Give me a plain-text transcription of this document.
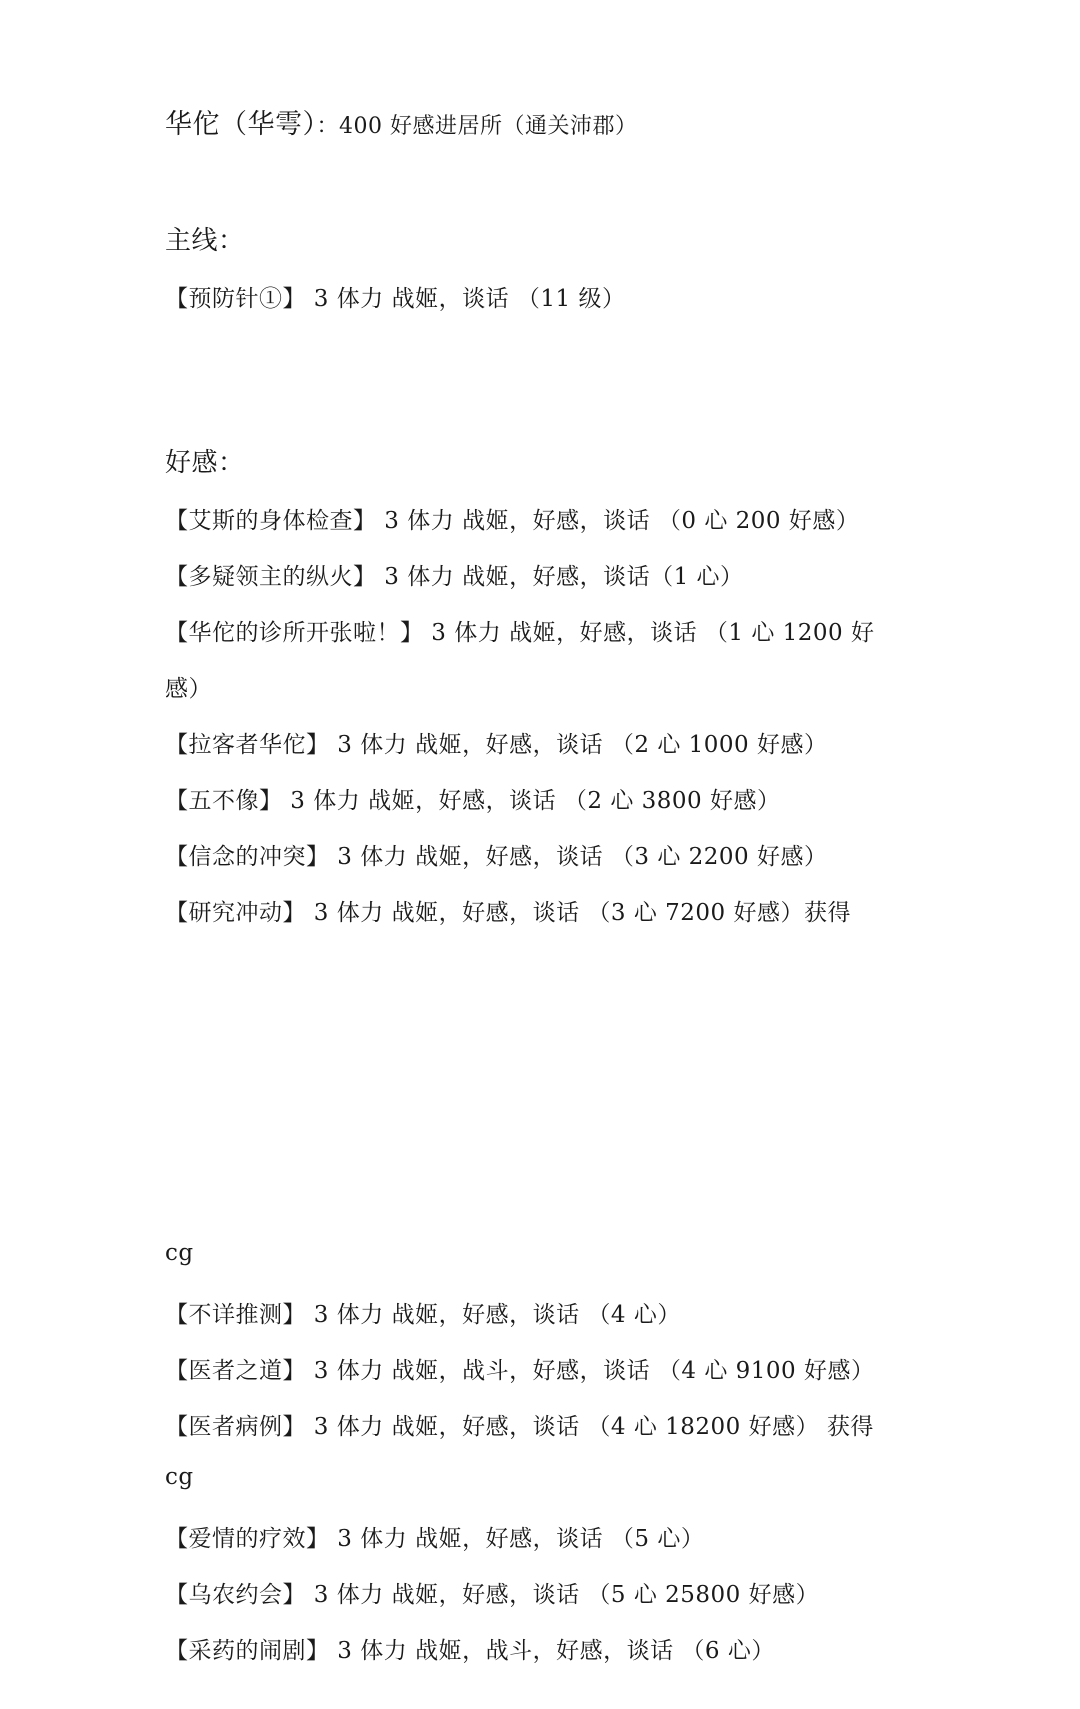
华佗（华雩）：400 好感进居所（通关沛郡）
主线：
【预防针①】 3 体力 战姬，谈话 （11 级）
好感：
【艾斯的身体检查】 3 体力 战姬，好感，谈话 （0 心 200 好感）
【多疑领主的纵火】 3 体力 战姬，好感，谈话（1 心）
【华佗的诊所开张啦！】 3 体力 战姬，好感，谈话 （1 心 1200 好
感）
【拉客者华佗】 3 体力 战姬，好感，谈话 （2 心 1000 好感）
【五不像】 3 体力 战姬，好感，谈话 （2 心 3800 好感）
【信念的冲突】 3 体力 战姬，好感，谈话 （3 心 2200 好感）
【研究冲动】 3 体力 战姬，好感，谈话 （3 心 7200 好感）获得
cg
【不详推测】 3 体力 战姬，好感，谈话 （4 心）
【医者之道】 3 体力 战姬，战斗，好感，谈话 （4 心 9100 好感）
【医者病例】 3 体力 战姬，好感，谈话 （4 心 18200 好感） 获得
cg
【爱情的疗效】 3 体力 战姬，好感，谈话 （5 心）
【乌农约会】 3 体力 战姬，好感，谈话 （5 心 25800 好感）
【采药的闹剧】 3 体力 战姬，战斗，好感，谈话 （6 心）
